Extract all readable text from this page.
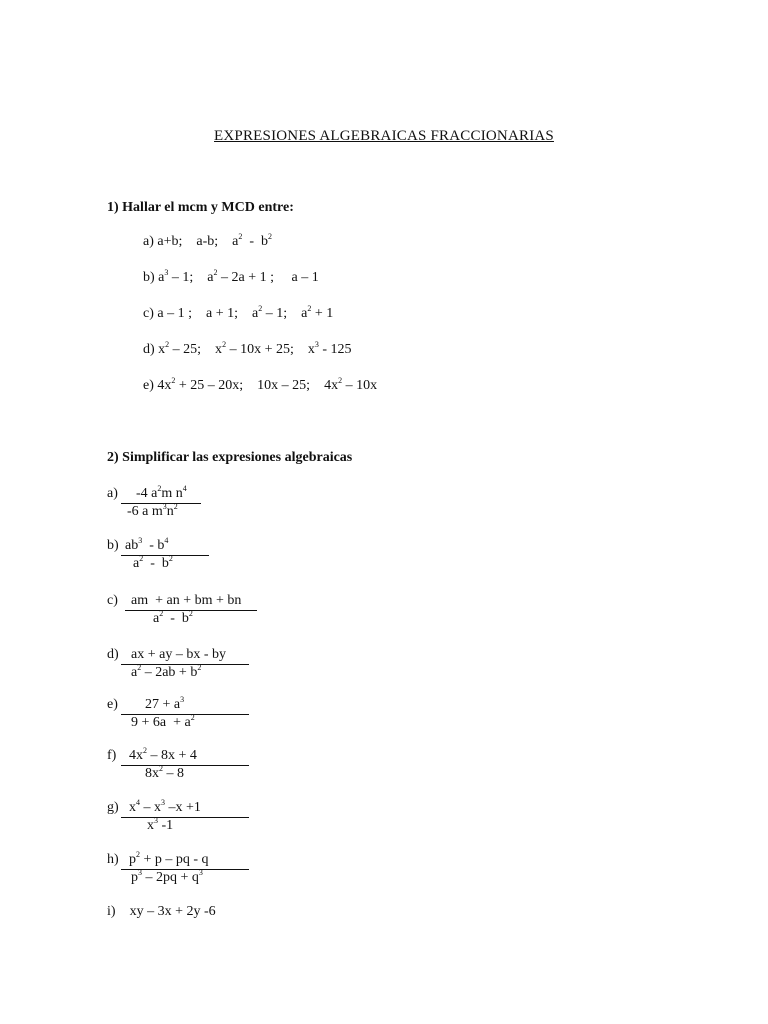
EXPRESIONES ALGEBRAICAS FRACCIONARIAS
1) Hallar el mcm y MCD entre:
a) a+b;    a-b;    $a^2 - b^2$
b) $a^3 - 1$;    $a^2 - 2a + 1$ ;     a – 1
c) a – 1 ;    a + 1;    $a^2 - 1$;    $a^2 + 1$
d) $x^2 - 25$;    $x^2 - 10x + 25$;    $x^3 - 125$
e) $4x^2 + 25 - 20x$;    10x – 25;    $4x^2 - 10x$
2) Simplificar las expresiones algebraicas
a) -4 $a^2m$ $n^4$
-6 a $m^3n^2$
b) $ab^3 - b^4$
$a^2 - b^2$
c) am  + an + bm + bn
$a^2 - b^2$
d) ax + ay – bx - by
$a^2 - 2ab + b^2$
e) $27 + a^3$
$9 + 6a + a^2$
f) $4x^2 - 8x + 4$
$8x^2 - 8$
g) $x^4 - x^3$ –x +1
$x^3$ -1
h) $p^2 + p$ – pq - q
$p^3 - 2pq + q^3$
i) xy – 3x + 2y -6
